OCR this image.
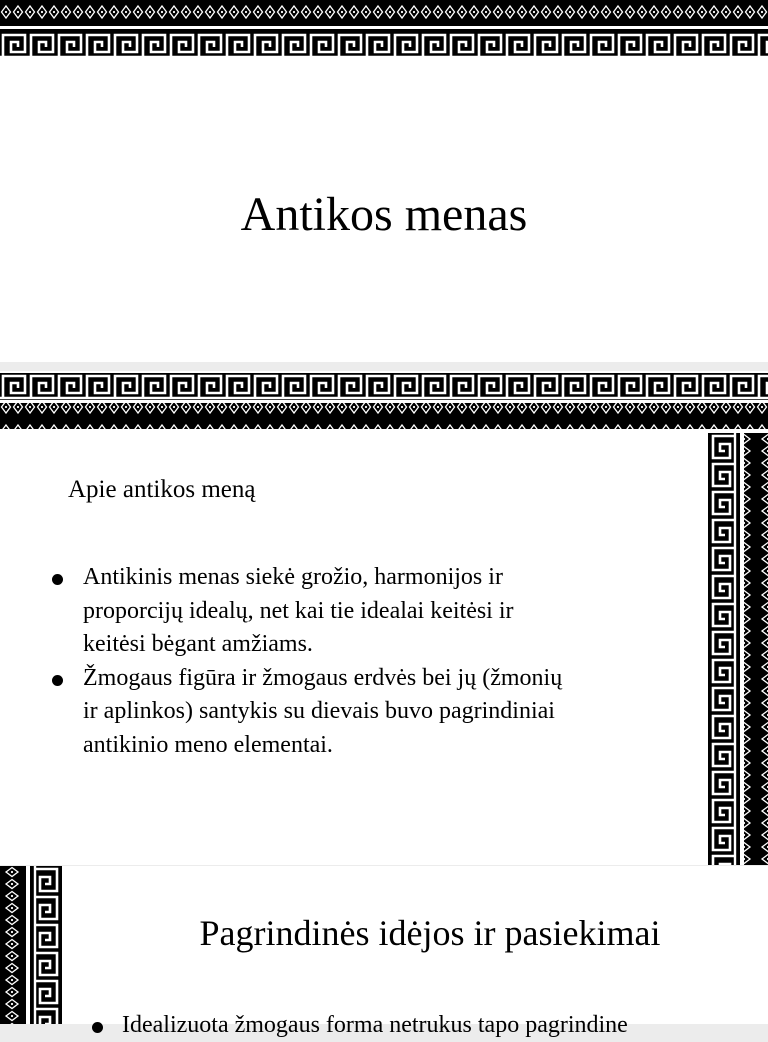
Antikos menas
Apie antikos meną
Antikinis menas siekė grožio, harmonijos ir
proporcijų idealų, net kai tie idealai keitėsi ir
keitėsi bėgant amžiams.
Žmogaus figūra ir žmogaus erdvės bei jų (žmonių
ir aplinkos) santykis su dievais buvo pagrindiniai
antikinio meno elementai.
Pagrindinės idėjos ir pasiekimai
Idealizuota žmogaus forma netrukus tapo pagrindine
